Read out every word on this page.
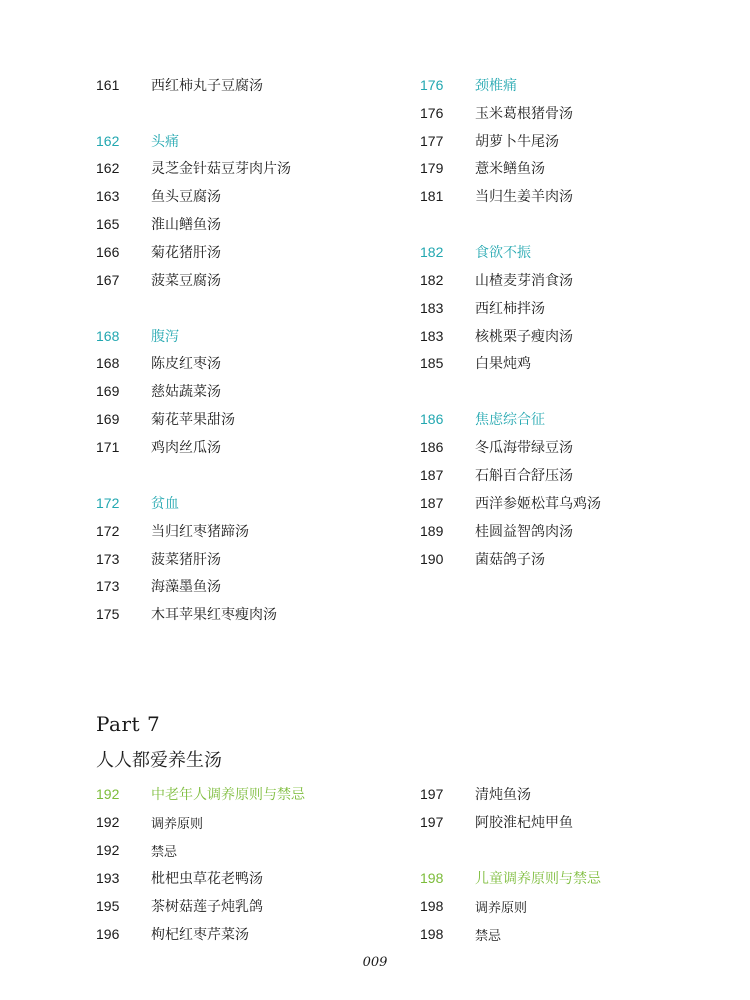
161	西红柿丸子豆腐汤
162	头痛
162	灵芝金针菇豆芽肉片汤
163	鱼头豆腐汤
165	淮山鳝鱼汤
166	菊花猪肝汤
167	菠菜豆腐汤
168	腹泻
168	陈皮红枣汤
169	慈姑蔬菜汤
169	菊花苹果甜汤
171	鸡肉丝瓜汤
172	贫血
172	当归红枣猪蹄汤
173	菠菜猪肝汤
173	海藻墨鱼汤
175	木耳苹果红枣瘦肉汤
176	颈椎痛
176	玉米葛根猪骨汤
177	胡萝卜牛尾汤
179	薏米鳝鱼汤
181	当归生姜羊肉汤
182	食欲不振
182	山楂麦芽消食汤
183	西红柿拌汤
183	核桃栗子瘦肉汤
185	白果炖鸡
186	焦虑综合征
186	冬瓜海带绿豆汤
187	石斛百合舒压汤
187	西洋参姬松茸乌鸡汤
189	桂圆益智鸽肉汤
190	菌菇鸽子汤
Part 7
人人都爱养生汤
192	中老年人调养原则与禁忌
192	调养原则
192	禁忌
193	枇杷虫草花老鸭汤
195	茶树菇莲子炖乳鸽
196	枸杞红枣芹菜汤
197	清炖鱼汤
197	阿胶淮杞炖甲鱼
198	儿童调养原则与禁忌
198	调养原则
198	禁忌
009
